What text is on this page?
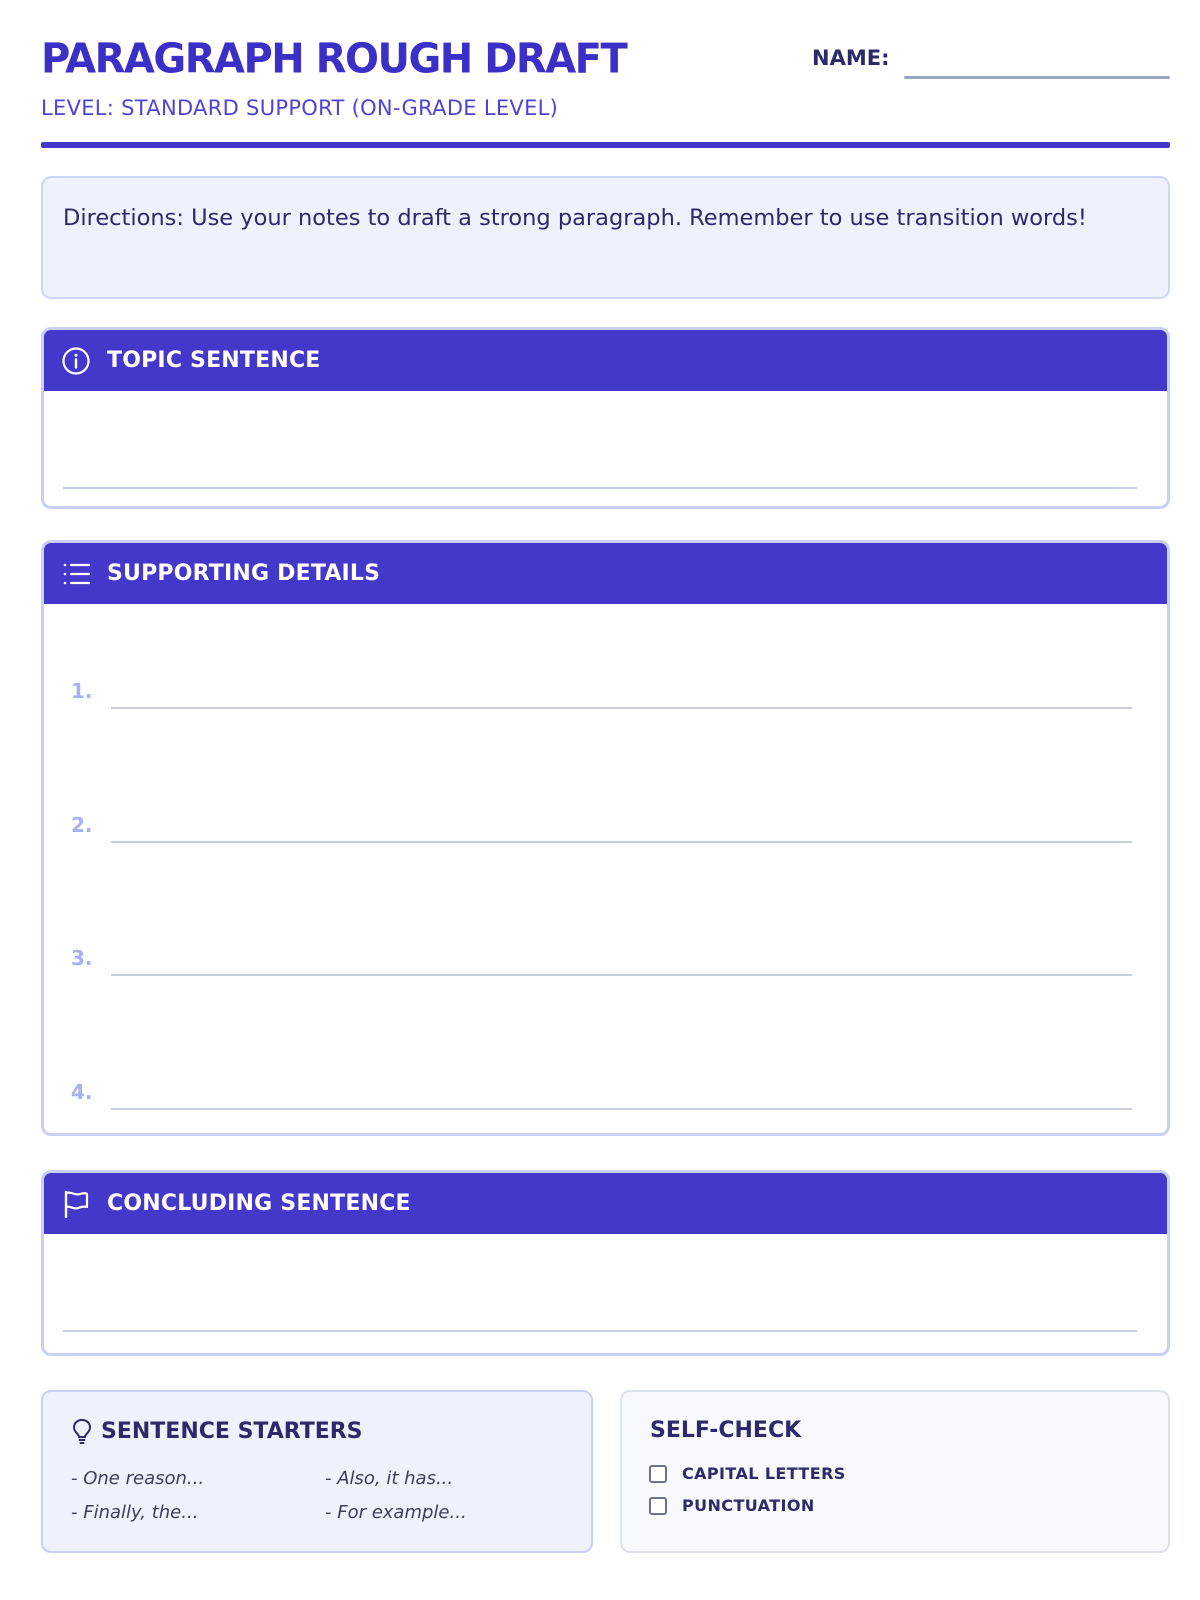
PARAGRAPH ROUGH DRAFT	NAME:
LEVEL: STANDARD SUPPORT (ON-GRADE LEVEL)
Directions: Use your notes to draft a strong paragraph. Remember to use transition words!
TOPIC SENTENCE
SUPPORTING DETAILS
1.
2.
3.
4.
CONCLUDING SENTENCE
SENTENCE STARTERS
- One reason...	- Also, it has...
- Finally, the...	- For example...
SELF-CHECK
CAPITAL LETTERS
PUNCTUATION
